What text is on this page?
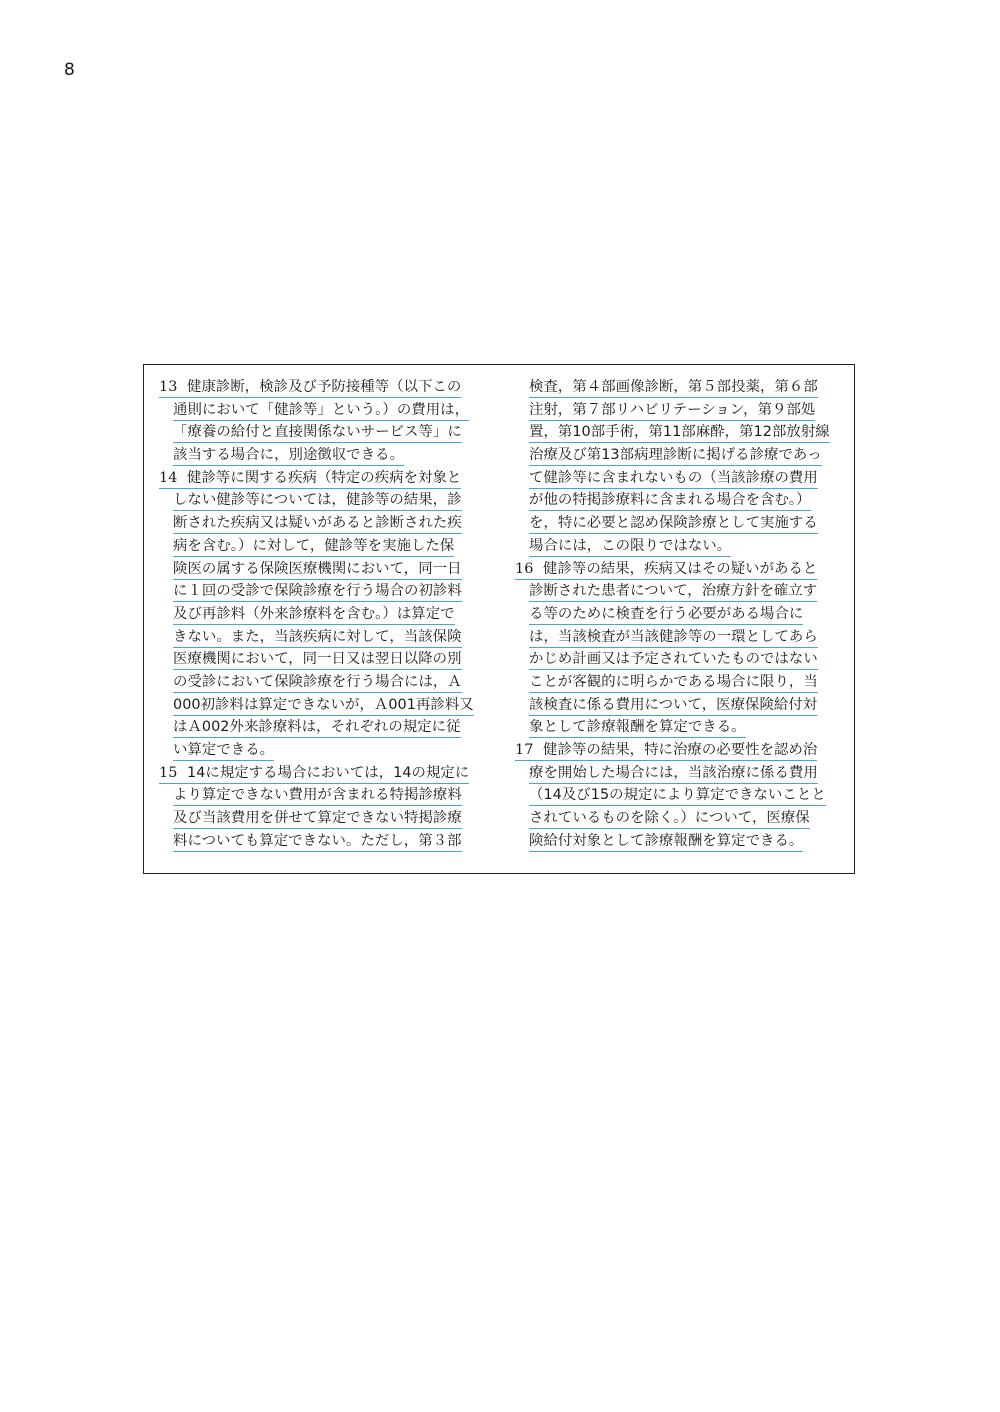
8
13 健康診断，検診及び予防接種等（以下この
通則において「健診等」という。）の費用は，
「療養の給付と直接関係ないサービス等」に
該当する場合に，別途徴収できる。
14 健診等に関する疾病（特定の疾病を対象と
しない健診等については，健診等の結果，診
断された疾病又は疑いがあると診断された疾
病を含む。）に対して，健診等を実施した保
険医の属する保険医療機関において，同一日
に１回の受診で保険診療を行う場合の初診料
及び再診料（外来診療料を含む。）は算定で
きない。また，当該疾病に対して，当該保険
医療機関において，同一日又は翌日以降の別
の受診において保険診療を行う場合には，Ａ
000初診料は算定できないが，Ａ001再診料又
はＡ002外来診療料は，それぞれの規定に従
い算定できる。
15 14に規定する場合においては，14の規定に
より算定できない費用が含まれる特掲診療料
及び当該費用を併せて算定できない特掲診療
料についても算定できない。ただし，第３部
検査，第４部画像診断，第５部投薬，第６部
注射，第７部リハビリテーション，第９部処
置，第10部手術，第11部麻酔，第12部放射線
治療及び第13部病理診断に掲げる診療であっ
て健診等に含まれないもの（当該診療の費用
が他の特掲診療料に含まれる場合を含む。）
を，特に必要と認め保険診療として実施する
場合には，この限りではない。
16 健診等の結果，疾病又はその疑いがあると
診断された患者について，治療方針を確立す
る等のために検査を行う必要がある場合に
は，当該検査が当該健診等の一環としてあら
かじめ計画又は予定されていたものではない
ことが客観的に明らかである場合に限り，当
該検査に係る費用について，医療保険給付対
象として診療報酬を算定できる。
17 健診等の結果，特に治療の必要性を認め治
療を開始した場合には，当該治療に係る費用
（14及び15の規定により算定できないことと
されているものを除く。）について，医療保
険給付対象として診療報酬を算定できる。
